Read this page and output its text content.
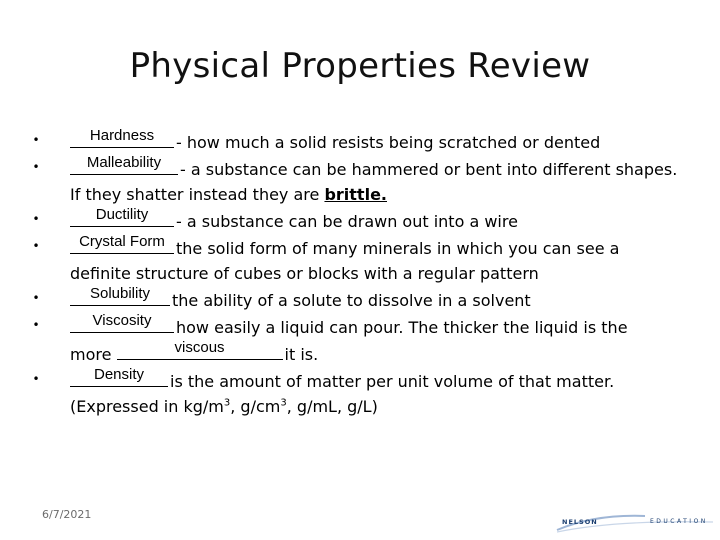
Physical Properties Review
•	Hardness	- how much a solid resists being scratched or dented
•	Malleability	- a substance can be hammered or bent into different shapes.
If they shatter instead they are brittle.
•	Ductility	- a substance can be drawn out into a wire
•	Crystal Form the solid form of many minerals in which you can see a
definite structure of cubes or blocks with a regular pattern
•	Solubility	the ability of a solute to dissolve in a solvent
•	Viscosity	how easily a liquid can pour. The thicker the liquid is the
more	viscous	it is.
•	Density	is the amount of matter per unit volume of that matter.
(Expressed in $kg/m^3$, $g/cm^3$, g/mL, g/L)
6/7/2021
NELSON	EDUCATION
